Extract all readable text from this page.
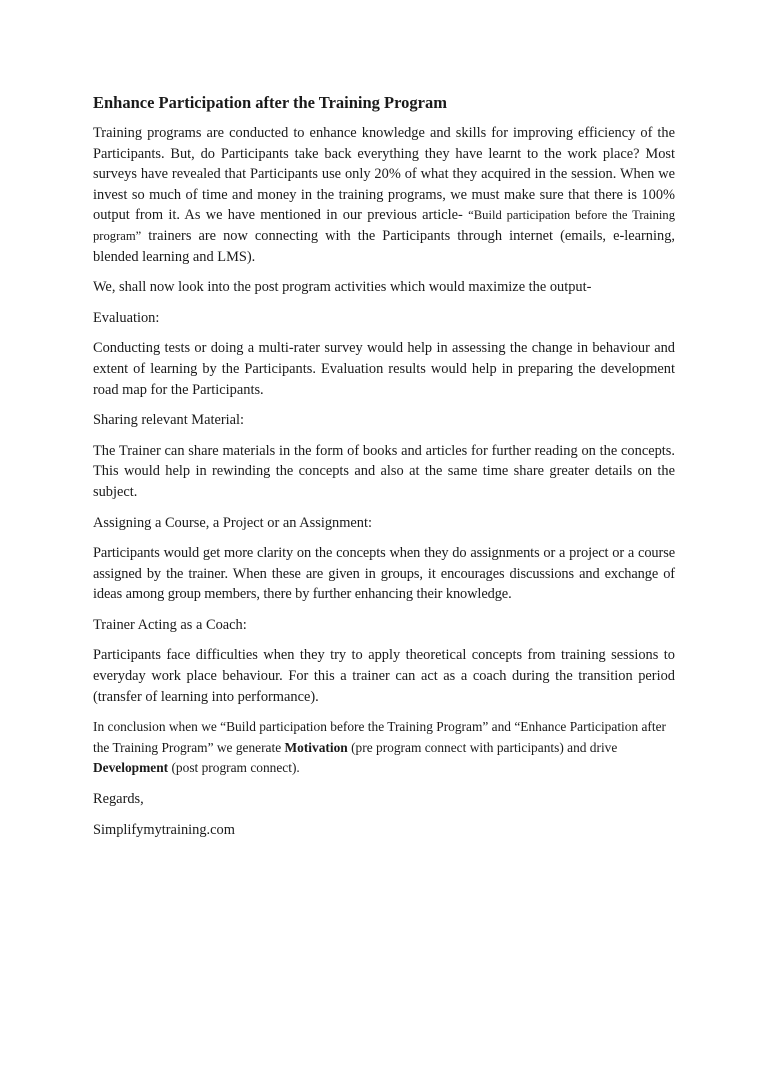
Enhance Participation after the Training Program

Training programs are conducted to enhance knowledge and skills for improving efficiency of the Participants. But, do Participants take back everything they have learnt to the work place? Most surveys have revealed that Participants use only 20% of what they acquired in the session. When we invest so much of time and money in the training programs, we must make sure that there is 100% output from it. As we have mentioned in our previous article- “Build participation before the Training program” trainers are now connecting with the Participants through internet (emails, e-learning, blended learning and LMS).

We, shall now look into the post program activities which would maximize the output-

Evaluation:

Conducting tests or doing a multi-rater survey would help in assessing the change in behaviour and extent of learning by the Participants. Evaluation results would help in preparing the development road map for the Participants.

Sharing relevant Material:

The Trainer can share materials in the form of books and articles for further reading on the concepts. This would help in rewinding the concepts and also at the same time share greater details on the subject.

Assigning a Course, a Project or an Assignment:

Participants would get more clarity on the concepts when they do assignments or a project or a course assigned by the trainer. When these are given in groups, it encourages discussions and exchange of ideas among group members, there by further enhancing their knowledge.

Trainer Acting as a Coach:

Participants face difficulties when they try to apply theoretical concepts from training sessions to everyday work place behaviour. For this a trainer can act as a coach during the transition period (transfer of learning into performance).

In conclusion when we “Build participation before the Training Program” and “Enhance Participation after the Training Program” we generate Motivation (pre program connect with participants) and drive Development (post program connect).

Regards,

Simplifymytraining.com
